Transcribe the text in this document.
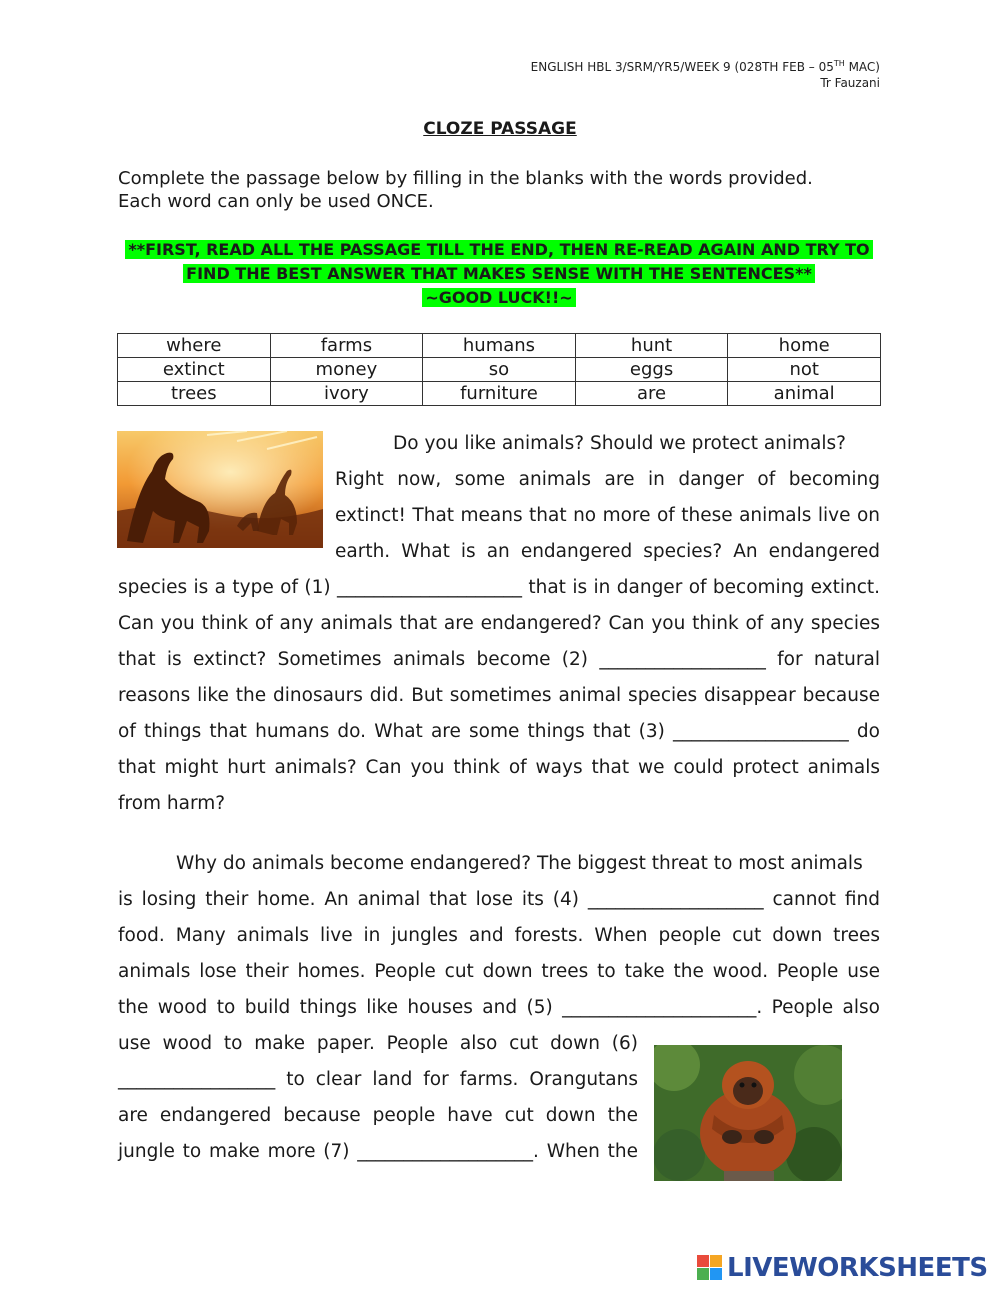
ENGLISH HBL 3/SRM/YR5/WEEK 9 (028TH FEB – 05TH MAC)
Tr Fauzani
CLOZE PASSAGE
Complete the passage below by filling in the blanks with the words provided.
Each word can only be used ONCE.
**FIRST, READ ALL THE PASSAGE TILL THE END, THEN RE-READ AGAIN AND TRY TO
FIND THE BEST ANSWER THAT MAKES SENSE WITH THE SENTENCES**
~GOOD LUCK!!~
where	farms	humans	hunt	home
extinct	money	so	eggs	not
trees	ivory	furniture	are	animal
Do you like animals? Should we protect animals?
Right now, some animals are in danger of becoming
extinct! That means that no more of these animals live on
earth. What is an endangered species? An endangered
species is a type of (1) ____________________ that is in danger of becoming extinct.
Can you think of any animals that are endangered? Can you think of any species
that is extinct? Sometimes animals become (2) __________________ for natural
reasons like the dinosaurs did. But sometimes animal species disappear because
of things that humans do. What are some things that (3) ___________________ do
that might hurt animals? Can you think of ways that we could protect animals
from harm?
Why do animals become endangered? The biggest threat to most animals
is losing their home. An animal that lose its (4) ___________________ cannot find
food. Many animals live in jungles and forests. When people cut down trees
animals lose their homes. People cut down trees to take the wood. People use
the wood to build things like houses and (5) _____________________. People also
use wood to make paper. People also cut down (6)
_________________ to clear land for farms. Orangutans
are endangered because people have cut down the
jungle to make more (7) ___________________. When the
LIVEWORKSHEETS
